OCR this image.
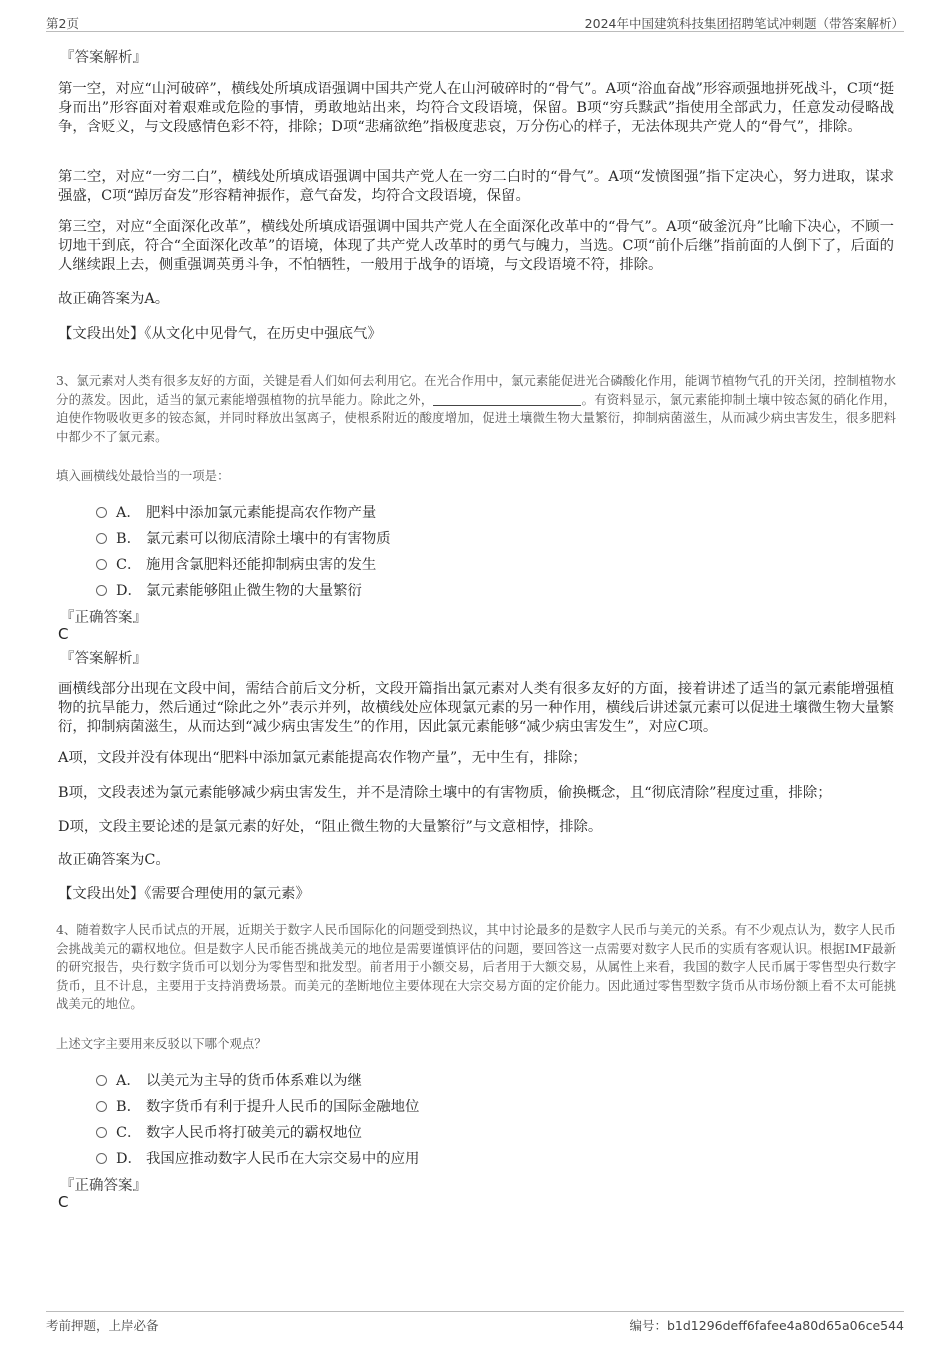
第2页	2024年中国建筑科技集团招聘笔试冲刺题（带答案解析）
『答案解析』
第一空，对应“山河破碎”，横线处所填成语强调中国共产党人在山河破碎时的“骨气”。A项“浴血奋战”形容顽强地拼死战斗，C项“挺身而出”形容面对着艰难或危险的事情，勇敢地站出来，均符合文段语境，保留。B项“穷兵黩武”指使用全部武力，任意发动侵略战争，含贬义，与文段感情色彩不符，排除；D项“悲痛欲绝”指极度悲哀，万分伤心的样子，无法体现共产党人的“骨气”，排除。
第二空，对应“一穷二白”，横线处所填成语强调中国共产党人在一穷二白时的“骨气”。A项“发愤图强”指下定决心，努力进取，谋求强盛，C项“踔厉奋发”形容精神振作，意气奋发，均符合文段语境，保留。
第三空，对应“全面深化改革”，横线处所填成语强调中国共产党人在全面深化改革中的“骨气”。A项“破釜沉舟”比喻下决心，不顾一切地干到底，符合“全面深化改革”的语境，体现了共产党人改革时的勇气与魄力，当选。C项“前仆后继”指前面的人倒下了，后面的人继续跟上去，侧重强调英勇斗争，不怕牺牲，一般用于战争的语境，与文段语境不符，排除。
故正确答案为A。
【文段出处】《从文化中见骨气，在历史中强底气》
3、氯元素对人类有很多友好的方面，关键是看人们如何去利用它。在光合作用中，氯元素能促进光合磷酸化作用，能调节植物气孔的开关闭，控制植物水分的蒸发。因此，适当的氯元素能增强植物的抗旱能力。除此之外，	。有资料显示，氯元素能抑制土壤中铵态氮的硝化作用，迫使作物吸收更多的铵态氮，并同时释放出氢离子，使根系附近的酸度增加，促进土壤微生物大量繁衍，抑制病菌滋生，从而减少病虫害发生，很多肥料中都少不了氯元素。
填入画横线处最恰当的一项是：
A． 肥料中添加氯元素能提高农作物产量
B． 氯元素可以彻底清除土壤中的有害物质
C． 施用含氯肥料还能抑制病虫害的发生
D． 氯元素能够阻止微生物的大量繁衍
『正确答案』
C
『答案解析』
画横线部分出现在文段中间，需结合前后文分析，文段开篇指出氯元素对人类有很多友好的方面，接着讲述了适当的氯元素能增强植物的抗旱能力，然后通过“除此之外”表示并列，故横线处应体现氯元素的另一种作用，横线后讲述氯元素可以促进土壤微生物大量繁衍，抑制病菌滋生，从而达到“减少病虫害发生”的作用，因此氯元素能够“减少病虫害发生”，对应C项。
A项，文段并没有体现出“肥料中添加氯元素能提高农作物产量”，无中生有，排除；
B项，文段表述为氯元素能够减少病虫害发生，并不是清除土壤中的有害物质，偷换概念，且“彻底清除”程度过重，排除；
D项，文段主要论述的是氯元素的好处，“阻止微生物的大量繁衍”与文意相悖，排除。
故正确答案为C。
【文段出处】《需要合理使用的氯元素》
4、随着数字人民币试点的开展，近期关于数字人民币国际化的问题受到热议，其中讨论最多的是数字人民币与美元的关系。有不少观点认为，数字人民币会挑战美元的霸权地位。但是数字人民币能否挑战美元的地位是需要谨慎评估的问题，要回答这一点需要对数字人民币的实质有客观认识。根据IMF最新的研究报告，央行数字货币可以划分为零售型和批发型。前者用于小额交易，后者用于大额交易，从属性上来看，我国的数字人民币属于零售型央行数字货币，且不计息，主要用于支持消费场景。而美元的垄断地位主要体现在大宗交易方面的定价能力。因此通过零售型数字货币从市场份额上看不太可能挑战美元的地位。
上述文字主要用来反驳以下哪个观点？
A． 以美元为主导的货币体系难以为继
B． 数字货币有利于提升人民币的国际金融地位
C． 数字人民币将打破美元的霸权地位
D． 我国应推动数字人民币在大宗交易中的应用
『正确答案』
C
考前押题，上岸必备	编号：b1d1296deff6fafee4a80d65a06ce544
